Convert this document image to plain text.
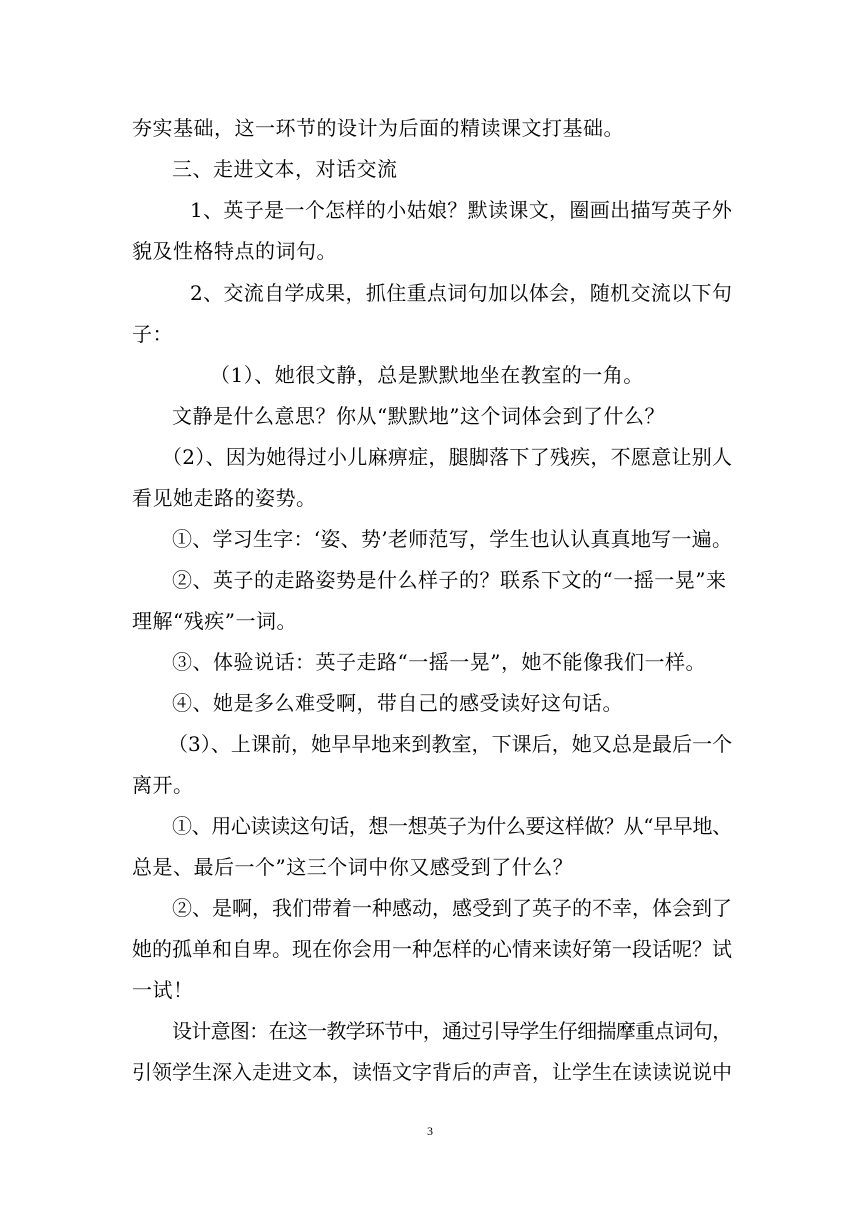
夯实基础，这一环节的设计为后面的精读课文打基础。
三、走进文本，对话交流
1、英子是一个怎样的小姑娘？默读课文，圈画出描写英子外
貌及性格特点的词句。
2、交流自学成果，抓住重点词句加以体会，随机交流以下句
子：
（1）、她很文静，总是默默地坐在教室的一角。
文静是什么意思？你从“默默地”这个词体会到了什么？
（2）、因为她得过小儿麻痹症，腿脚落下了残疾，不愿意让别人
看见她走路的姿势。
①、学习生字：‘姿、势’老师范写，学生也认认真真地写一遍。
②、英子的走路姿势是什么样子的？联系下文的“一摇一晃”来
理解“残疾”一词。
③、体验说话：英子走路“一摇一晃”，她不能像我们一样。
④、她是多么难受啊，带自己的感受读好这句话。
（3）、上课前，她早早地来到教室，下课后，她又总是最后一个
离开。
①、用心读读这句话，想一想英子为什么要这样做？从“早早地、
总是、最后一个”这三个词中你又感受到了什么？
②、是啊，我们带着一种感动，感受到了英子的不幸，体会到了
她的孤单和自卑。现在你会用一种怎样的心情来读好第一段话呢？试
一试！
设计意图：在这一教学环节中，通过引导学生仔细揣摩重点词句，
引领学生深入走进文本，读悟文字背后的声音，让学生在读读说说中
3
